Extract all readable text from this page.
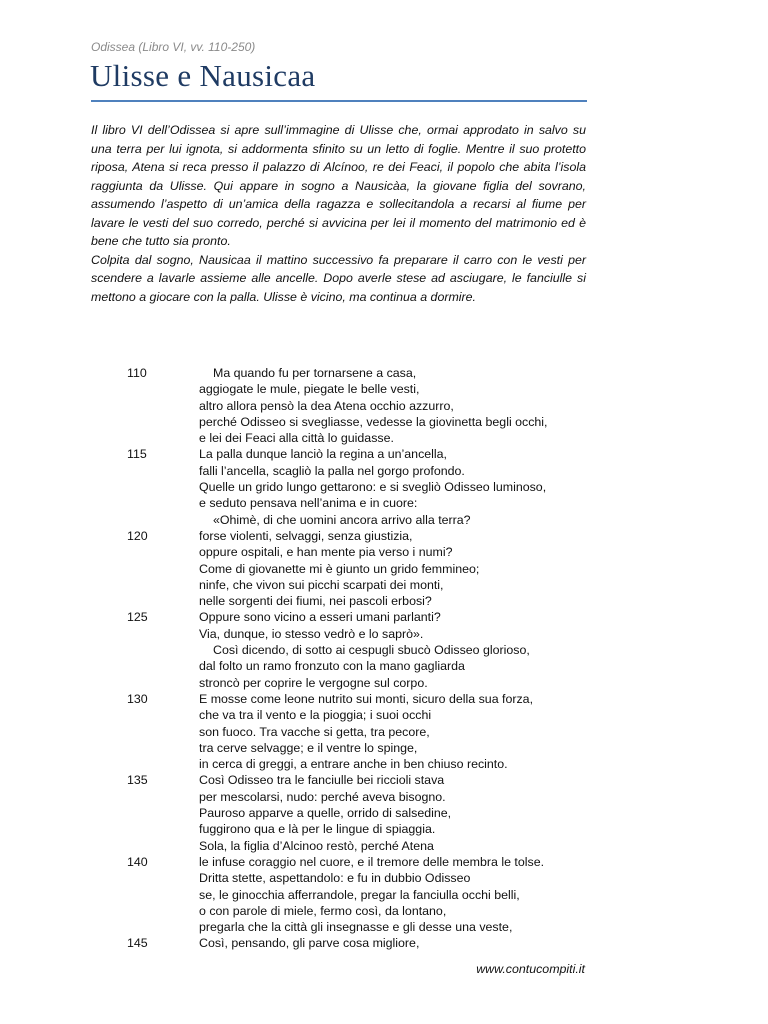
Odissea (Libro VI, vv. 110-250)
Ulisse e Nausicaa

Il libro VI dell’Odissea si apre sull’immagine di Ulisse che, ormai approdato in salvo su una terra per lui ignota, si addormenta sfinito su un letto di foglie. Mentre il suo protetto riposa, Atena si reca presso il palazzo di Alcínoo, re dei Feaci, il popolo che abita l’isola raggiunta da Ulisse. Qui appare in sogno a Nausicàa, la giovane figlia del sovrano, assumendo l’aspetto di un’amica della ragazza e sollecitandola a recarsi al fiume per lavare le vesti del suo corredo, perché si avvicina per lei il momento del matrimonio ed è bene che tutto sia pronto.

Colpita dal sogno, Nausicaa il mattino successivo fa preparare il carro con le vesti per scendere a lavarle assieme alle ancelle. Dopo averle stese ad asciugare, le fanciulle si mettono a giocare con la palla. Ulisse è vicino, ma continua a dormire.

110	Ma quando fu per tornarsene a casa,
aggiogate le mule, piegate le belle vesti,
altro allora pensò la dea Atena occhio azzurro,
perché Odisseo si svegliasse, vedesse la giovinetta begli occhi,
e lei dei Feaci alla città lo guidasse.
115	La palla dunque lanciò la regina a un’ancella,
falli l’ancella, scagliò la palla nel gorgo profondo.
Quelle un grido lungo gettarono: e si svegliò Odisseo luminoso,
e seduto pensava nell’anima e in cuore:
«Ohimè, di che uomini ancora arrivo alla terra?
120	forse violenti, selvaggi, senza giustizia,
oppure ospitali, e han mente pia verso i numi?
Come di giovanette mi è giunto un grido femmineo;
ninfe, che vivon sui picchi scarpati dei monti,
nelle sorgenti dei fiumi, nei pascoli erbosi?
125	Oppure sono vicino a esseri umani parlanti?
Via, dunque, io stesso vedrò e lo saprò».
Così dicendo, di sotto ai cespugli sbucò Odisseo glorioso,
dal folto un ramo fronzuto con la mano gagliarda
stroncò per coprire le vergogne sul corpo.
130	E mosse come leone nutrito sui monti, sicuro della sua forza,
che va tra il vento e la pioggia; i suoi occhi
son fuoco. Tra vacche si getta, tra pecore,
tra cerve selvagge; e il ventre lo spinge,
in cerca di greggi, a entrare anche in ben chiuso recinto.
135	Così Odisseo tra le fanciulle bei riccioli stava
per mescolarsi, nudo: perché aveva bisogno.
Pauroso apparve a quelle, orrido di salsedine,
fuggirono qua e là per le lingue di spiaggia.
Sola, la figlia d’Alcinoo restò, perché Atena
140	le infuse coraggio nel cuore, e il tremore delle membra le tolse.
Dritta stette, aspettandolo: e fu in dubbio Odisseo
se, le ginocchia afferrandole, pregar la fanciulla occhi belli,
o con parole di miele, fermo così, da lontano,
pregarla che la città gli insegnasse e gli desse una veste,
145	Così, pensando, gli parve cosa migliore,
www.contucompiti.it
